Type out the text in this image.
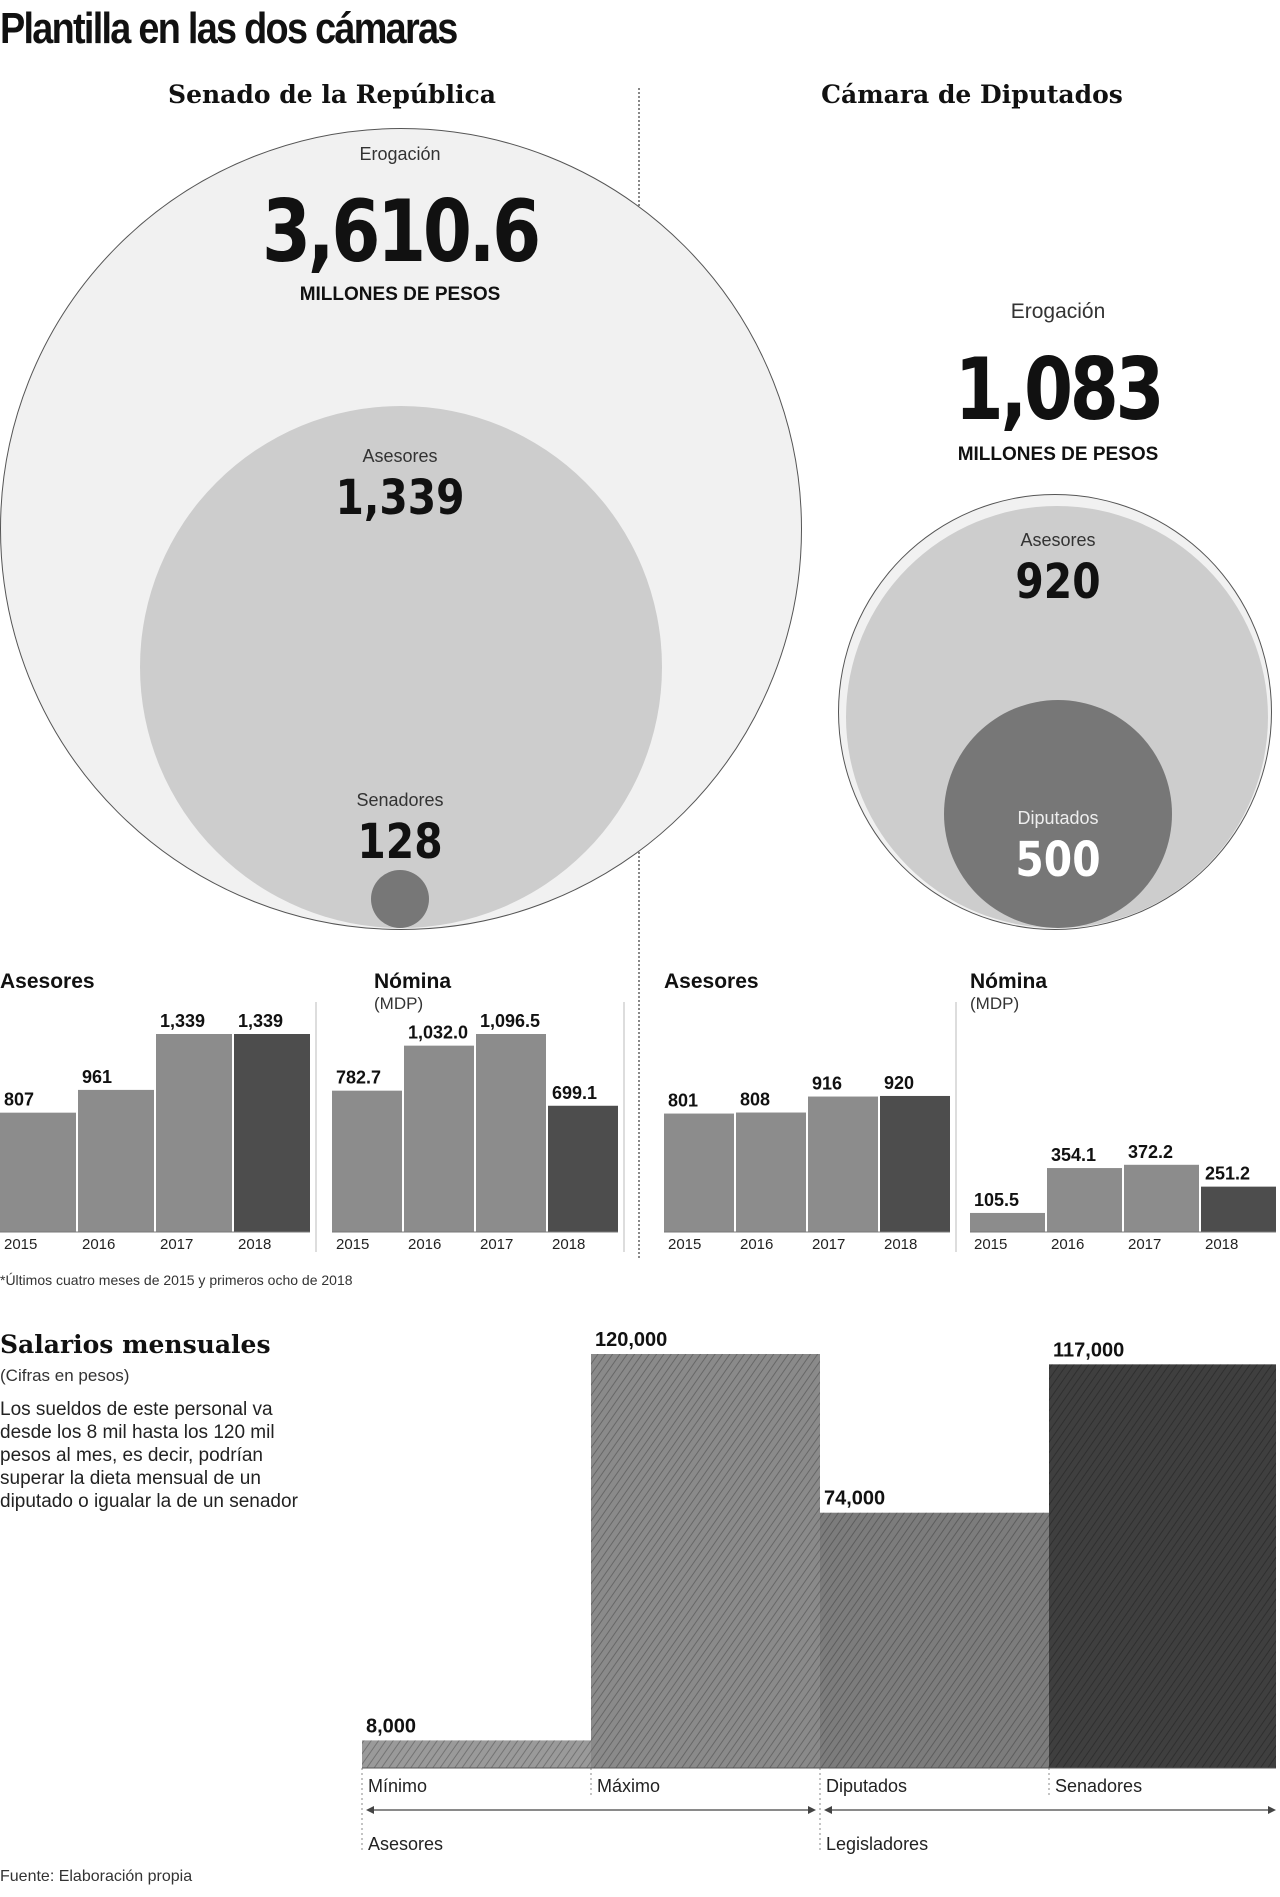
Plantilla en las dos cámaras
Senado de la República	Cámara de Diputados
Erogación
3,610.6
MILLONES DE PESOS
Asesores
1,339
Senadores
128
Erogación
1,083
MILLONES DE PESOS
Asesores
920
Diputados
500
Asesores	Nómina
(MDP)
Asesores	Nómina
(MDP)
807
2015
961
2016
1,339
2017
1,339
2018
782.7
2015
1,032.0
2016
1,096.5
2017
699.1
2018
801
2015
808
2016
916
2017
920
2018
105.5
2015
354.1
2016
372.2
2017
251.2
2018
*Últimos cuatro meses de 2015 y primeros ocho de 2018
Salarios mensuales
(Cifras en pesos)
Los sueldos de este personal va desde los 8 mil hasta los 120 mil pesos al mes, es decir, podrían superar la dieta mensual de un diputado o igualar la de un senador
8,000
Mínimo
120,000
Máximo
74,000
Diputados
117,000
Senadores
Asesores	Legisladores
Fuente: Elaboración propia
